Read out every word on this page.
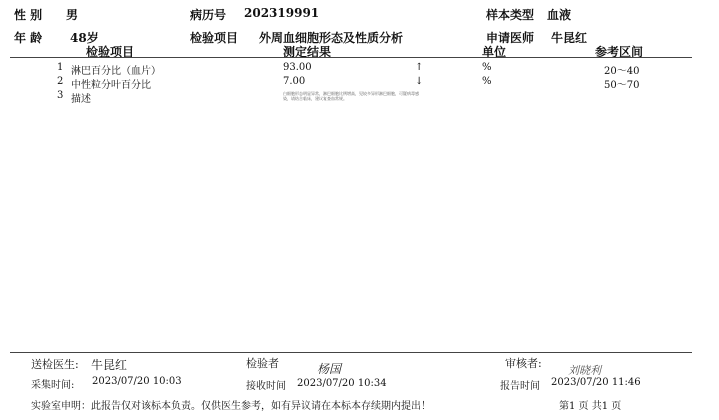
性 别 男	病历号 202319991	样本类型 血液
年 龄 48岁	检验项目 外周血细胞形态及性质分析	申请医师 牛昆红
检验项目	测定结果	单位	参考区间
1 淋巴百分比（血片）	93.00	↑	%	20～40
2 中性粒分叶百分比	7.00	↓	%	50～70
3 描述
白细胞形态明显异常，淋巴细胞比例增高，见较多异形淋巴细胞，可疑病毒感染，请结合临床，建议复查血常规。
送检医生: 牛昆红	检验者	杨国	审核者:
刘晓利
采集时间: 2023/07/20 10:03	接收时间 2023/07/20 10:34	报告时间 2023/07/20 11:46
实验室申明：此报告仅对该标本负责。仅供医生参考，如有异议请在本标本存续期内提出！	第1 页 共1 页
